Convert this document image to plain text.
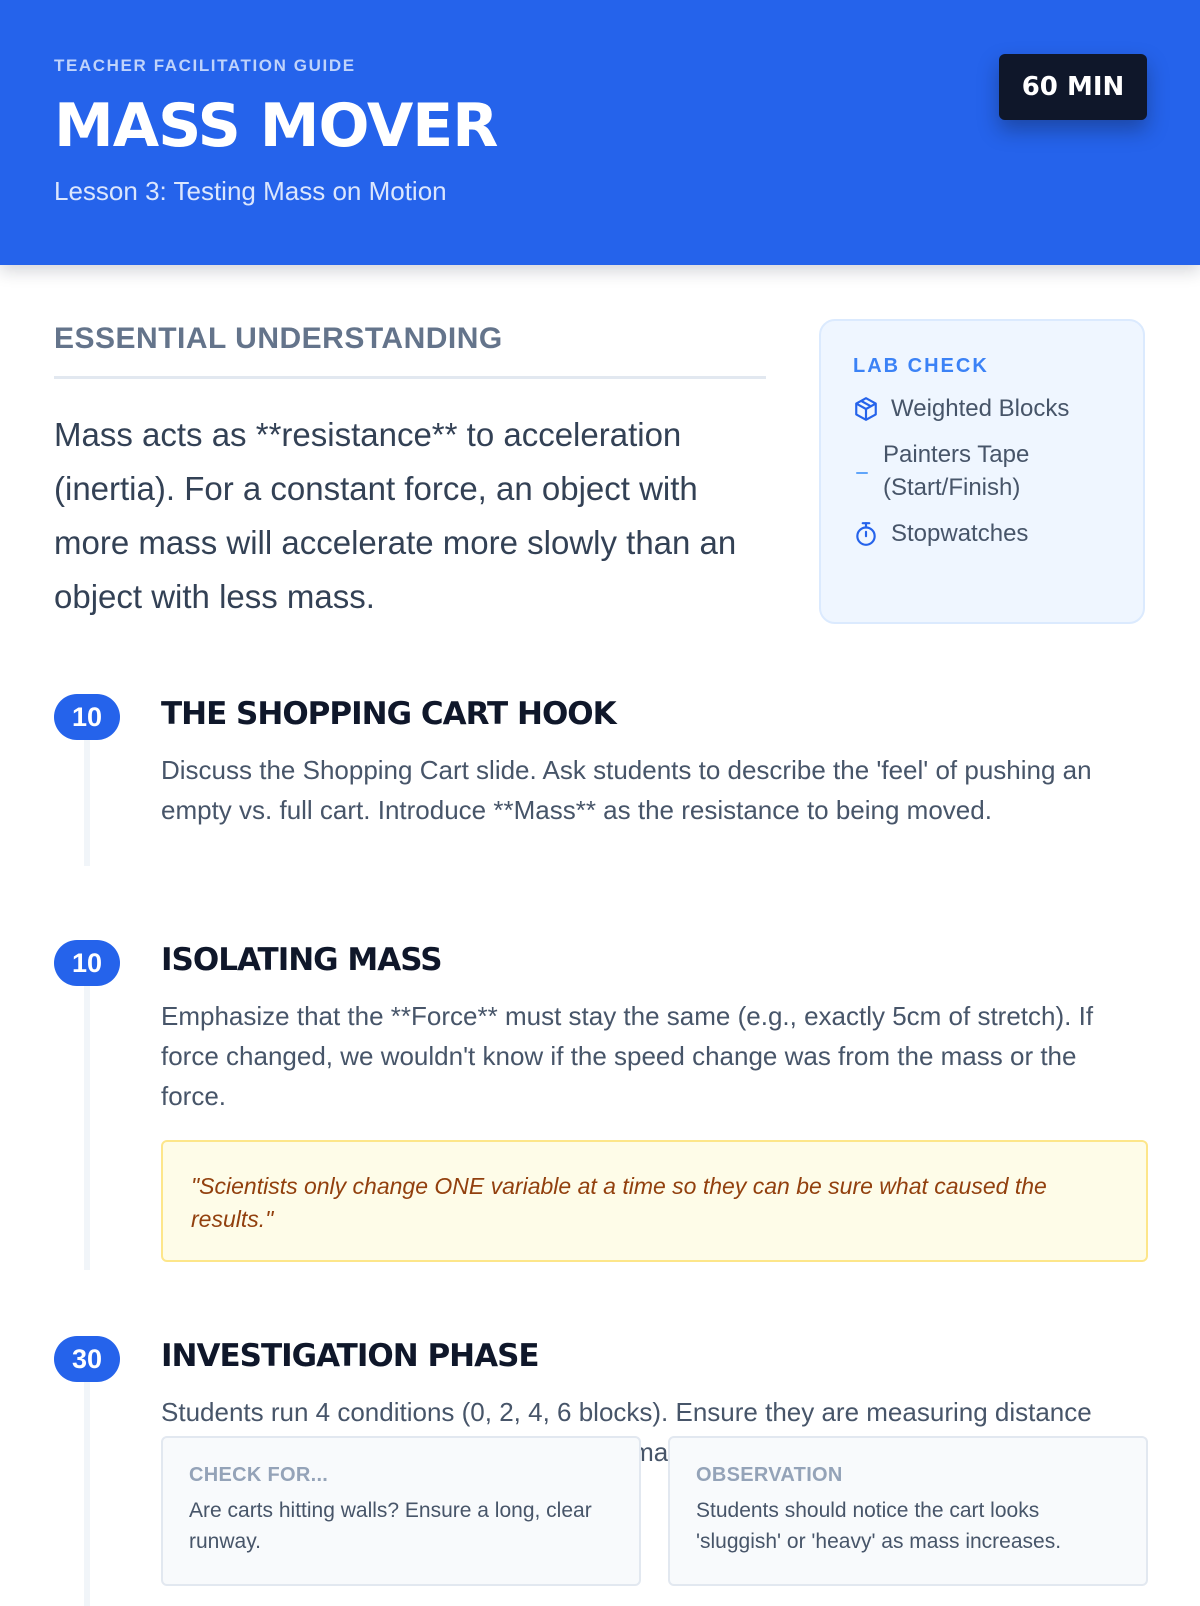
TEACHER FACILITATION GUIDE
MASS MOVER
Lesson 3: Testing Mass on Motion
60 MIN
ESSENTIAL UNDERSTANDING

Mass acts as **resistance** to acceleration (inertia). For a constant force, an object with more mass will accelerate more slowly than an object with less mass.

LAB CHECK
Weighted Blocks
Painters Tape (Start/Finish)
Stopwatches
10	THE SHOPPING CART HOOK

Discuss the Shopping Cart slide. Ask students to describe the 'feel' of pushing an empty vs. full cart. Introduce **Mass** as the resistance to being moved.

10	ISOLATING MASS

Emphasize that the **Force** must stay the same (e.g., exactly 5cm of stretch). If force changed, we wouldn't know if the speed change was from the mass or the force.

"Scientists only change ONE variable at a time so they can be sure what caused the results."
30	INVESTIGATION PHASE

Students run 4 conditions (0, 2, 4, 6 blocks). Ensure they are measuring distance mark.

CHECK FOR...
Are carts hitting walls? Ensure a long, clear runway.
OBSERVATION
Students should notice the cart looks 'sluggish' or 'heavy' as mass increases.
